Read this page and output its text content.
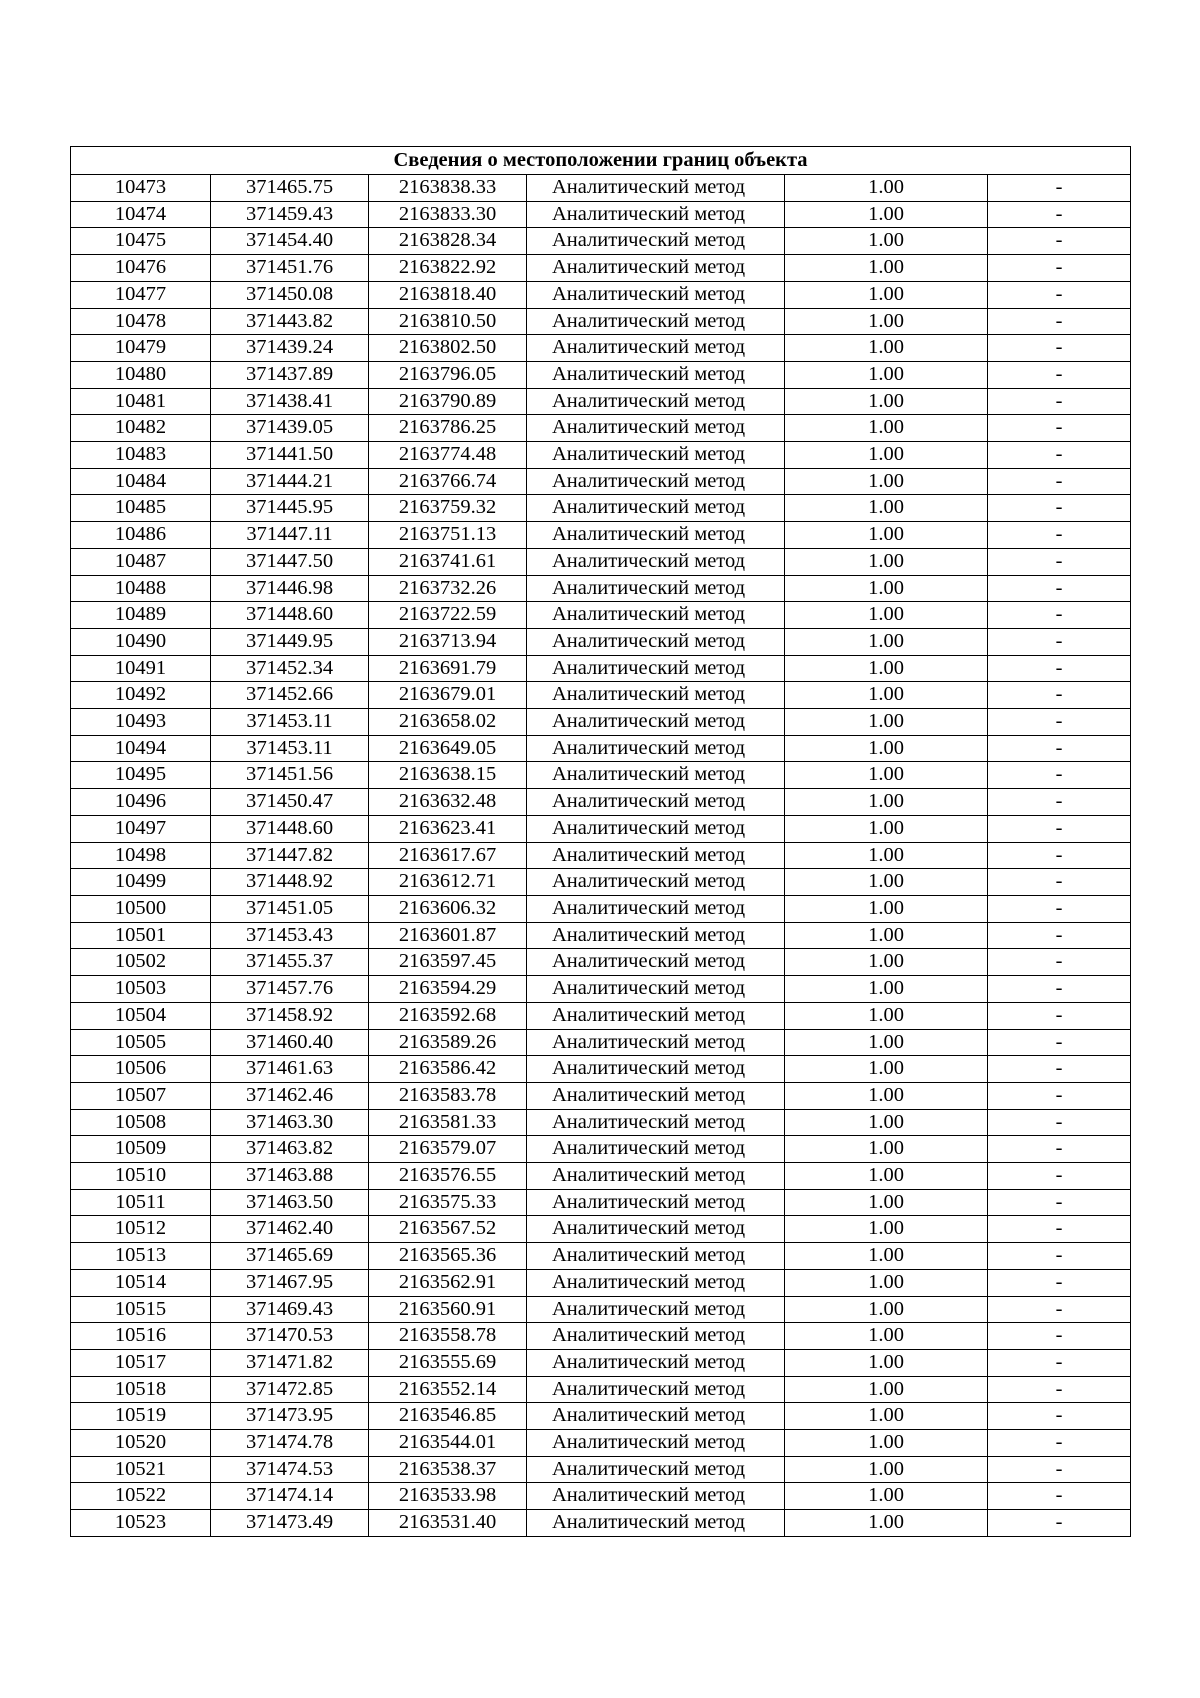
Сведения о местоположении границ объекта					
10473	371465.75	2163838.33	Аналитический метод	1.00	-
10474	371459.43	2163833.30	Аналитический метод	1.00	-
10475	371454.40	2163828.34	Аналитический метод	1.00	-
10476	371451.76	2163822.92	Аналитический метод	1.00	-
10477	371450.08	2163818.40	Аналитический метод	1.00	-
10478	371443.82	2163810.50	Аналитический метод	1.00	-
10479	371439.24	2163802.50	Аналитический метод	1.00	-
10480	371437.89	2163796.05	Аналитический метод	1.00	-
10481	371438.41	2163790.89	Аналитический метод	1.00	-
10482	371439.05	2163786.25	Аналитический метод	1.00	-
10483	371441.50	2163774.48	Аналитический метод	1.00	-
10484	371444.21	2163766.74	Аналитический метод	1.00	-
10485	371445.95	2163759.32	Аналитический метод	1.00	-
10486	371447.11	2163751.13	Аналитический метод	1.00	-
10487	371447.50	2163741.61	Аналитический метод	1.00	-
10488	371446.98	2163732.26	Аналитический метод	1.00	-
10489	371448.60	2163722.59	Аналитический метод	1.00	-
10490	371449.95	2163713.94	Аналитический метод	1.00	-
10491	371452.34	2163691.79	Аналитический метод	1.00	-
10492	371452.66	2163679.01	Аналитический метод	1.00	-
10493	371453.11	2163658.02	Аналитический метод	1.00	-
10494	371453.11	2163649.05	Аналитический метод	1.00	-
10495	371451.56	2163638.15	Аналитический метод	1.00	-
10496	371450.47	2163632.48	Аналитический метод	1.00	-
10497	371448.60	2163623.41	Аналитический метод	1.00	-
10498	371447.82	2163617.67	Аналитический метод	1.00	-
10499	371448.92	2163612.71	Аналитический метод	1.00	-
10500	371451.05	2163606.32	Аналитический метод	1.00	-
10501	371453.43	2163601.87	Аналитический метод	1.00	-
10502	371455.37	2163597.45	Аналитический метод	1.00	-
10503	371457.76	2163594.29	Аналитический метод	1.00	-
10504	371458.92	2163592.68	Аналитический метод	1.00	-
10505	371460.40	2163589.26	Аналитический метод	1.00	-
10506	371461.63	2163586.42	Аналитический метод	1.00	-
10507	371462.46	2163583.78	Аналитический метод	1.00	-
10508	371463.30	2163581.33	Аналитический метод	1.00	-
10509	371463.82	2163579.07	Аналитический метод	1.00	-
10510	371463.88	2163576.55	Аналитический метод	1.00	-
10511	371463.50	2163575.33	Аналитический метод	1.00	-
10512	371462.40	2163567.52	Аналитический метод	1.00	-
10513	371465.69	2163565.36	Аналитический метод	1.00	-
10514	371467.95	2163562.91	Аналитический метод	1.00	-
10515	371469.43	2163560.91	Аналитический метод	1.00	-
10516	371470.53	2163558.78	Аналитический метод	1.00	-
10517	371471.82	2163555.69	Аналитический метод	1.00	-
10518	371472.85	2163552.14	Аналитический метод	1.00	-
10519	371473.95	2163546.85	Аналитический метод	1.00	-
10520	371474.78	2163544.01	Аналитический метод	1.00	-
10521	371474.53	2163538.37	Аналитический метод	1.00	-
10522	371474.14	2163533.98	Аналитический метод	1.00	-
10523	371473.49	2163531.40	Аналитический метод	1.00	-
